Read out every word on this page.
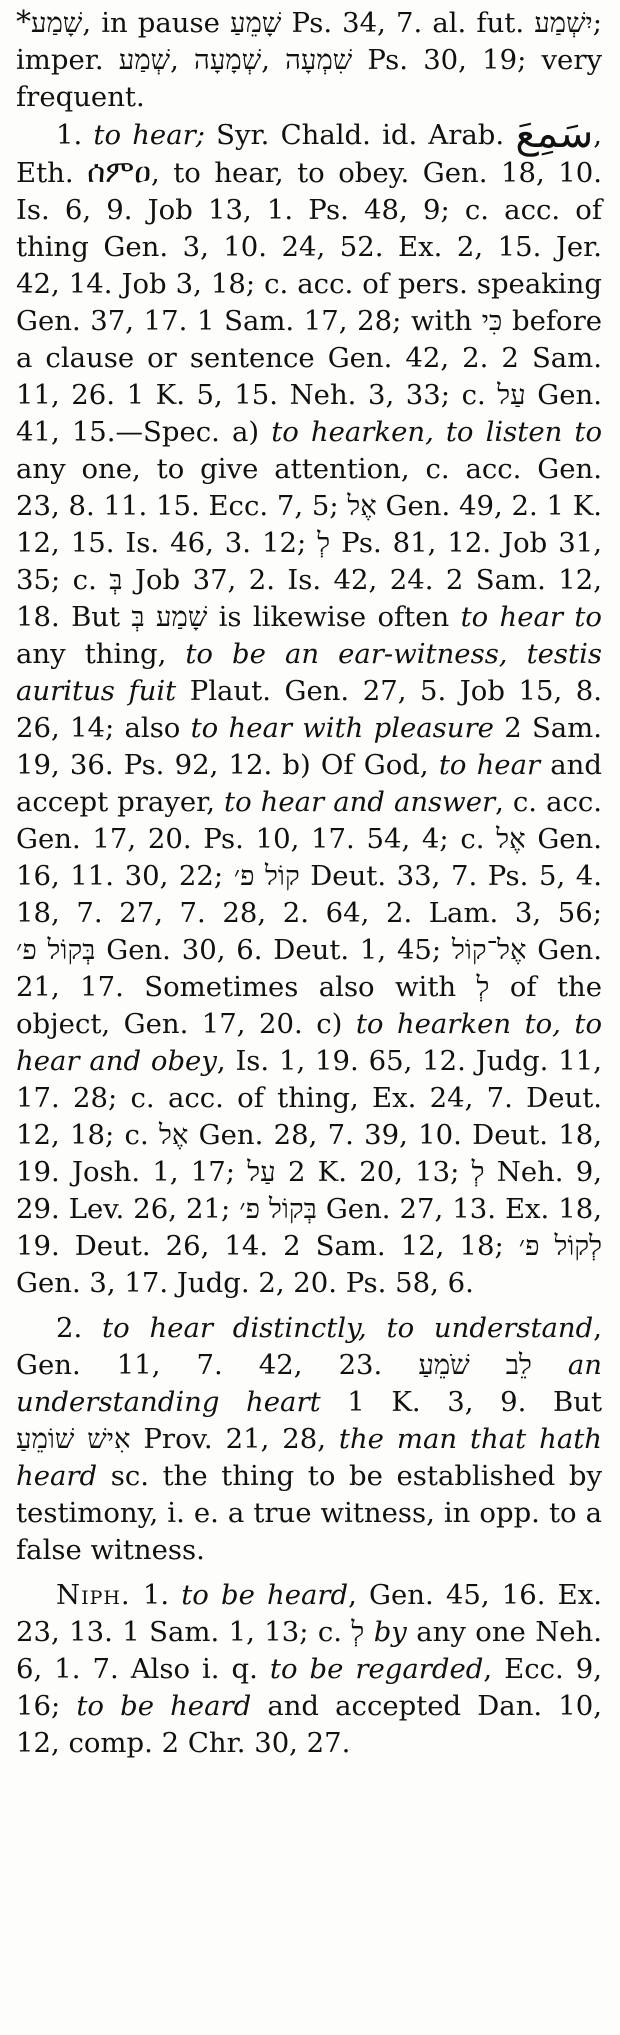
*שָׁמַע, in pause שָׁמֵעַ Ps. 34, 7. al. fut. יִשְׁמַע; imper. שְׁמַע, שְׁמָעָה, שִׁמְעָה Ps. 30, 19; very frequent.

1. to hear; Syr. Chald. id. Arab. سَمِعَ, Eth. ሰምዐ, to hear, to obey. Gen. 18, 10. Is. 6, 9. Job 13, 1. Ps. 48, 9; c. acc. of thing Gen. 3, 10. 24, 52. Ex. 2, 15. Jer. 42, 14. Job 3, 18; c. acc. of pers. speaking Gen. 37, 17. 1 Sam. 17, 28; with כִּי before a clause or sentence Gen. 42, 2. 2 Sam. 11, 26. 1 K. 5, 15. Neh. 3, 33; c. עַל Gen. 41, 15.—Spec. a) to hearken, to listen to any one, to give attention, c. acc. Gen. 23, 8. 11. 15. Ecc. 7, 5; אֶל Gen. 49, 2. 1 K. 12, 15. Is. 46, 3. 12; לְ Ps. 81, 12. Job 31, 35; c. בְּ Job 37, 2. Is. 42, 24. 2 Sam. 12, 18. But שָׁמַע בְּ is likewise often to hear to any thing, to be an ear-witness, testis auritus fuit Plaut. Gen. 27, 5. Job 15, 8. 26, 14; also to hear with pleasure 2 Sam. 19, 36. Ps. 92, 12. b) Of God, to hear and accept prayer, to hear and answer, c. acc. Gen. 17, 20. Ps. 10, 17. 54, 4; c. אֶל Gen. 16, 11. 30, 22; קוֹל פ׳ Deut. 33, 7. Ps. 5, 4. 18, 7. 27, 7. 28, 2. 64, 2. Lam. 3, 56; בְּקוֹל פ׳ Gen. 30, 6. Deut. 1, 45; אֶל־קוֹל Gen. 21, 17. Sometimes also with לְ of the object, Gen. 17, 20. c) to hearken to, to hear and obey, Is. 1, 19. 65, 12. Judg. 11, 17. 28; c. acc. of thing, Ex. 24, 7. Deut. 12, 18; c. אֶל Gen. 28, 7. 39, 10. Deut. 18, 19. Josh. 1, 17; עַל 2 K. 20, 13; לְ Neh. 9, 29. Lev. 26, 21; בְּקוֹל פ׳ Gen. 27, 13. Ex. 18, 19. Deut. 26, 14. 2 Sam. 12, 18; לְקוֹל פ׳ Gen. 3, 17. Judg. 2, 20. Ps. 58, 6.

2. to hear distinctly, to understand, Gen. 11, 7. 42, 23. לֵב שֹׁמֵעַ an understanding heart 1 K. 3, 9. But אִישׁ שׁוֹמֵעַ Prov. 21, 28, the man that hath heard sc. the thing to be established by testimony, i. e. a true witness, in opp. to a false witness.

Niph. 1. to be heard, Gen. 45, 16. Ex. 23, 13. 1 Sam. 1, 13; c. לְ by any one Neh. 6, 1. 7. Also i. q. to be regarded, Ecc. 9, 16; to be heard and accepted Dan. 10, 12, comp. 2 Chr. 30, 27.
